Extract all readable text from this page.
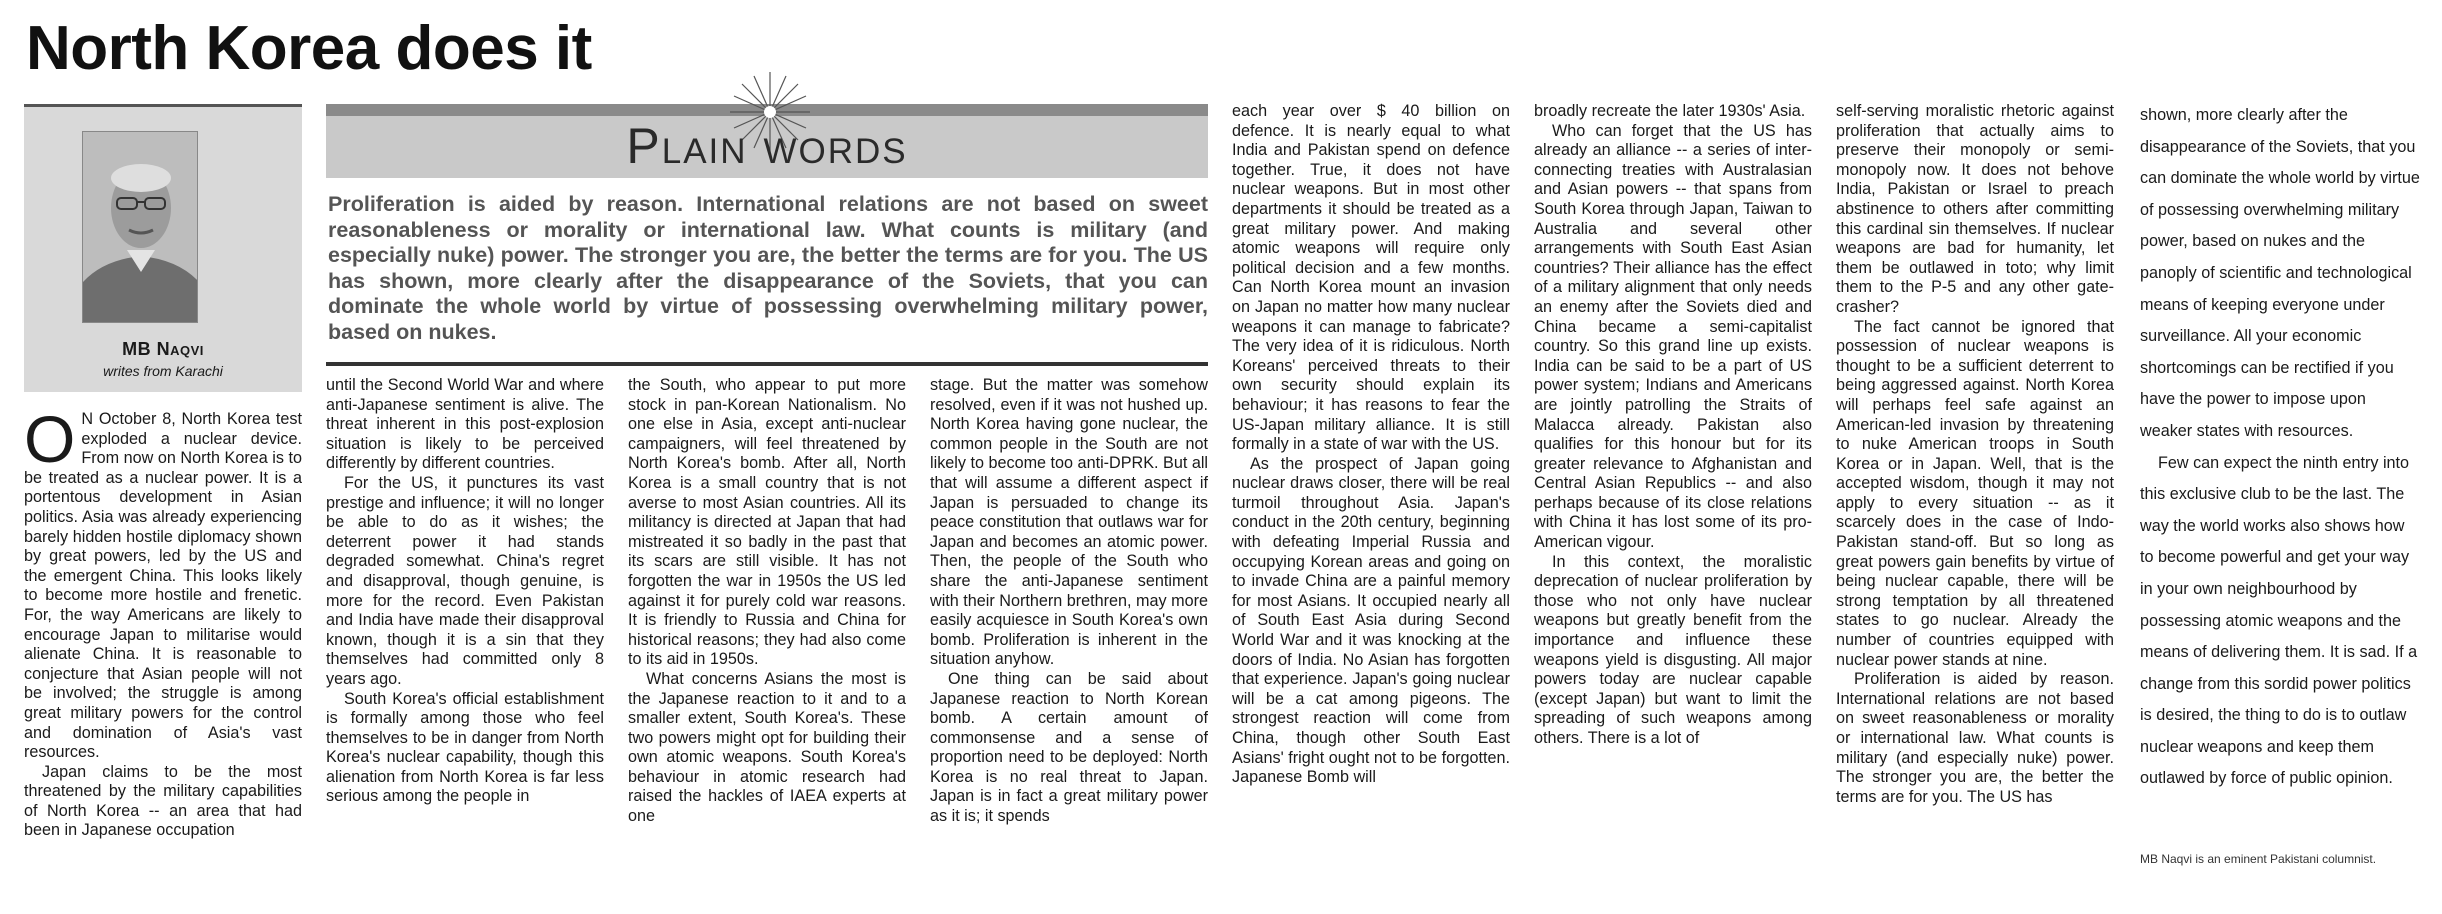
North Korea does it
MB Naqvi
writes from Karachi
Plain words
Proliferation is aided by reason. International relations are not based on sweet reasonableness or morality or international law. What counts is military (and especially nuke) power. The stronger you are, the better the terms are for you. The US has shown, more clearly after the disappearance of the Soviets, that you can dominate the whole world by virtue of possessing overwhelming military power, based on nukes.

O N October 8, North Korea test exploded a nuclear device. From now on North Korea is to be treated as a nuclear power. It is a portentous development in Asian politics. Asia was already experiencing barely hidden hostile diplomacy shown by great powers, led by the US and the emergent China. This looks likely to become more hostile and frenetic. For, the way Americans are likely to encourage Japan to militarise would alienate China. It is reasonable to conjecture that Asian people will not be involved; the struggle is among great military powers for the control and domination of Asia's vast resources.

Japan claims to be the most threatened by the military capabilities of North Korea -- an area that had been in Japanese occupation

until the Second World War and where anti-Japanese sentiment is alive. The threat inherent in this post-explosion situation is likely to be perceived differently by different countries.

For the US, it punctures its vast prestige and influence; it will no longer be able to do as it wishes; the deterrent power it had stands degraded somewhat. China's regret and disapproval, though genuine, is more for the record. Even Pakistan and India have made their disapproval known, though it is a sin that they themselves had committed only 8 years ago.

South Korea's official establishment is formally among those who feel themselves to be in danger from North Korea's nuclear capability, though this alienation from North Korea is far less serious among the people in

the South, who appear to put more stock in pan-Korean Nationalism. No one else in Asia, except anti-nuclear campaigners, will feel threatened by North Korea's bomb. After all, North Korea is a small country that is not averse to most Asian countries. All its militancy is directed at Japan that had mistreated it so badly in the past that its scars are still visible. It has not forgotten the war in 1950s the US led against it for purely cold war reasons. It is friendly to Russia and China for historical reasons; they had also come to its aid in 1950s.

What concerns Asians the most is the Japanese reaction to it and to a smaller extent, South Korea's. These two powers might opt for building their own atomic weapons. South Korea's behaviour in atomic research had raised the hackles of IAEA experts at one

stage. But the matter was somehow resolved, even if it was not hushed up. North Korea having gone nuclear, the common people in the South are not likely to become too anti-DPRK. But all that will assume a different aspect if Japan is persuaded to change its peace constitution that outlaws war for Japan and becomes an atomic power. Then, the people of the South who share the anti-Japanese sentiment with their Northern brethren, may more easily acquiesce in South Korea's own bomb. Proliferation is inherent in the situation anyhow.

One thing can be said about Japanese reaction to North Korean bomb. A certain amount of commonsense and a sense of proportion need to be deployed: North Korea is no real threat to Japan. Japan is in fact a great military power as it is; it spends

each year over $ 40 billion on defence. It is nearly equal to what India and Pakistan spend on defence together. True, it does not have nuclear weapons. But in most other departments it should be treated as a great military power. And making atomic weapons will require only political decision and a few months. Can North Korea mount an invasion on Japan no matter how many nuclear weapons it can manage to fabricate? The very idea of it is ridiculous. North Koreans' perceived threats to their own security should explain its behaviour; it has reasons to fear the US-Japan military alliance. It is still formally in a state of war with the US.

As the prospect of Japan going nuclear draws closer, there will be real turmoil throughout Asia. Japan's conduct in the 20th century, beginning with defeating Imperial Russia and occupying Korean areas and going on to invade China are a painful memory for most Asians. It occupied nearly all of South East Asia during Second World War and it was knocking at the doors of India. No Asian has forgotten that experience. Japan's going nuclear will be a cat among pigeons. The strongest reaction will come from China, though other South East Asians' fright ought not to be forgotten. Japanese Bomb will

broadly recreate the later 1930s' Asia.

Who can forget that the US has already an alliance -- a series of inter-connecting treaties with Australasian and Asian powers -- that spans from South Korea through Japan, Taiwan to Australia and several other arrangements with South East Asian countries? Their alliance has the effect of a military alignment that only needs an enemy after the Soviets died and China became a semi-capitalist country. So this grand line up exists. India can be said to be a part of US power system; Indians and Americans are jointly patrolling the Straits of Malacca already. Pakistan also qualifies for this honour but for its greater relevance to Afghanistan and Central Asian Republics -- and also perhaps because of its close relations with China it has lost some of its pro-American vigour.

In this context, the moralistic deprecation of nuclear proliferation by those who not only have nuclear weapons but greatly benefit from the importance and influence these weapons yield is disgusting. All major powers today are nuclear capable (except Japan) but want to limit the spreading of such weapons among others. There is a lot of

self-serving moralistic rhetoric against proliferation that actually aims to preserve their monopoly or semi-monopoly now. It does not behove India, Pakistan or Israel to preach abstinence to others after committing this cardinal sin themselves. If nuclear weapons are bad for humanity, let them be outlawed in toto; why limit them to the P-5 and any other gate-crasher?

The fact cannot be ignored that possession of nuclear weapons is thought to be a sufficient deterrent to being aggressed against. North Korea will perhaps feel safe against an American-led invasion by threatening to nuke American troops in South Korea or in Japan. Well, that is the accepted wisdom, though it may not apply to every situation -- as it scarcely does in the case of Indo-Pakistan stand-off. But so long as great powers gain benefits by virtue of being nuclear capable, there will be strong temptation by all threatened states to go nuclear. Already the number of countries equipped with nuclear power stands at nine.

Proliferation is aided by reason. International relations are not based on sweet reasonableness or morality or international law. What counts is military (and especially nuke) power. The stronger you are, the better the terms are for you. The US has

shown, more clearly after the disappearance of the Soviets, that you can dominate the whole world by virtue of possessing overwhelming military power, based on nukes and the panoply of scientific and technological means of keeping everyone under surveillance. All your economic shortcomings can be rectified if you have the power to impose upon weaker states with resources.

Few can expect the ninth entry into this exclusive club to be the last. The way the world works also shows how to become powerful and get your way in your own neighbourhood by possessing atomic weapons and the means of delivering them. It is sad. If a change from this sordid power politics is desired, the thing to do is to outlaw nuclear weapons and keep them outlawed by force of public opinion.

MB Naqvi is an eminent Pakistani columnist.
